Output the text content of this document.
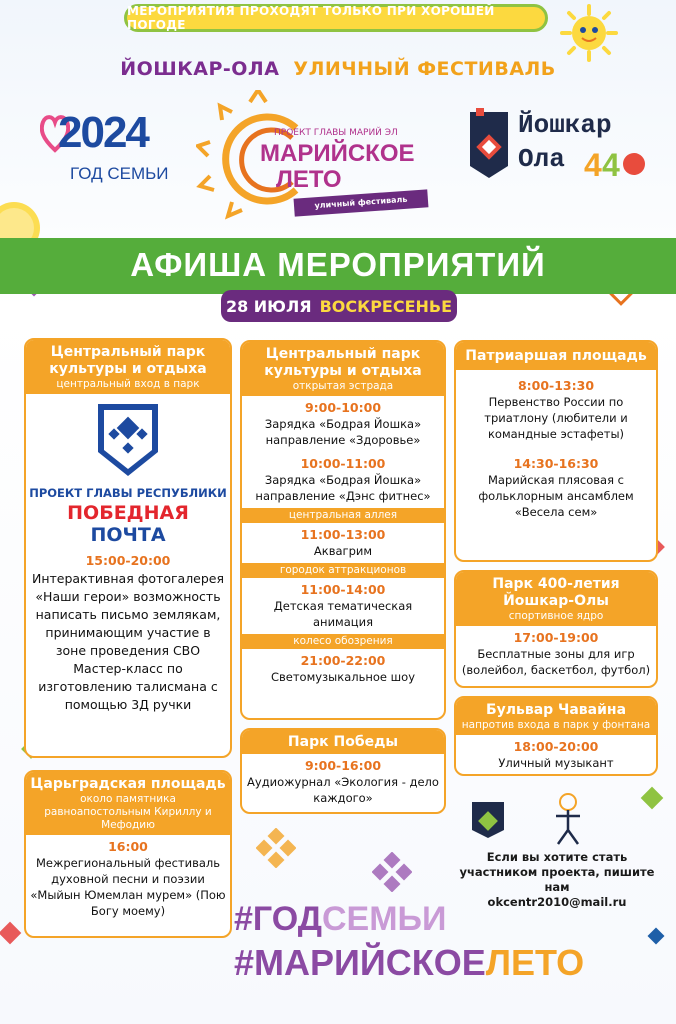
МЕРОПРИЯТИЯ ПРОХОДЯТ ТОЛЬКО ПРИ ХОРОШЕЙ ПОГОДЕ
ЙОШКАР-ОЛА УЛИЧНЫЙ ФЕСТИВАЛЬ
2024
ГОД СЕМЬИ
ПРОЕКТ ГЛАВЫ МАРИЙ ЭЛ
МАРИЙСКОЕ
ЛЕТО
уличный фестиваль
Йошкар
Ола 4 4
АФИША МЕРОПРИЯТИЙ
28 ИЮЛЯ ВОСКРЕСЕНЬЕ
Центральный парк культуры и отдыха
центральный вход в парк
ПРОЕКТ ГЛАВЫ РЕСПУБЛИКИ
ПОБЕДНАЯ
ПОЧТА
15:00-20:00
Интерактивная фотогалерея «Наши герои» возможность написать письмо землякам, принимающим участие в зоне проведения СВО Мастер-класс по изготовлению талисмана с помощью 3Д ручки
Царьградская площадь
около памятника равноапостольным Кириллу и Мефодию
16:00
Межрегиональный фестиваль духовной песни и поэзии «Мыйын Юмемлан мурем» (Пою Богу моему)
Центральный парк культуры и отдыха
открытая эстрада
9:00-10:00
Зарядка «Бодрая Йошка» направление «Здоровье»
10:00-11:00
Зарядка «Бодрая Йошка» направление «Дэнс фитнес»
центральная аллея
11:00-13:00
Аквагрим
городок аттракционов
11:00-14:00
Детская тематическая анимация
колесо обозрения
21:00-22:00
Светомузыкальное шоу
Парк Победы
9:00-16:00
Аудиожурнал «Экология - дело каждого»
Патриаршая площадь
8:00-13:30
Первенство России по триатлону (любители и командные эстафеты)
14:30-16:30
Марийская плясовая с фольклорным ансамблем «Весела сем»
Парк 400-летия Йошкар-Олы
спортивное ядро
17:00-19:00
Бесплатные зоны для игр (волейбол, баскетбол, футбол)
Бульвар Чавайна
напротив входа в парк у фонтана
18:00-20:00
Уличный музыкант
Если вы хотите стать участником проекта, пишите нам
okcentr2010@mail.ru
#ГОДСЕМЬИ
#МАРИЙСКОЕЛЕТО
